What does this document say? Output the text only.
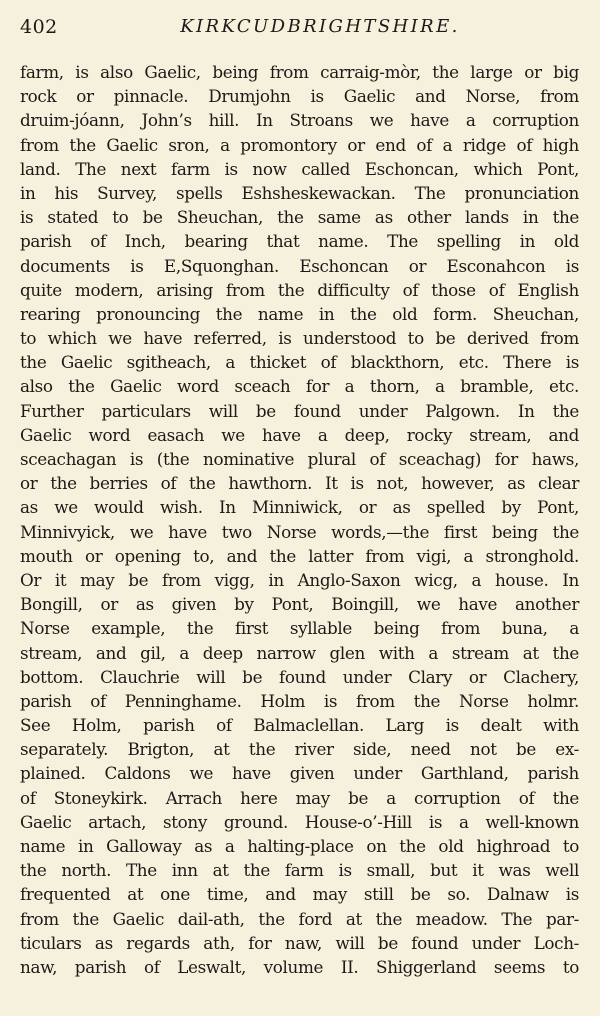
402	KIRKCUDBRIGHTSHIRE.
farm, is also Gaelic, being from carraig-mòr, the large or big
rock or pinnacle. Drumjohn is Gaelic and Norse, from
druim-jóann, John’s hill. In Stroans we have a corruption
from the Gaelic sron, a promontory or end of a ridge of high
land. The next farm is now called Eschoncan, which Pont,
in his Survey, spells Eshsheskewackan. The pronunciation
is stated to be Sheuchan, the same as other lands in the
parish of Inch, bearing that name. The spelling in old
documents is E,Squonghan. Eschoncan or Esconahcon is
quite modern, arising from the difficulty of those of English
rearing pronouncing the name in the old form. Sheuchan,
to which we have referred, is understood to be derived from
the Gaelic sgitheach, a thicket of blackthorn, etc. There is
also the Gaelic word sceach for a thorn, a bramble, etc.
Further particulars will be found under Palgown. In the
Gaelic word easach we have a deep, rocky stream, and
sceachagan is (the nominative plural of sceachag) for haws,
or the berries of the hawthorn. It is not, however, as clear
as we would wish. In Minniwick, or as spelled by Pont,
Minnivyick, we have two Norse words,—the first being the
mouth or opening to, and the latter from vigi, a stronghold.
Or it may be from vigg, in Anglo-Saxon wicg, a house. In
Bongill, or as given by Pont, Boingill, we have another
Norse example, the first syllable being from buna, a
stream, and gil, a deep narrow glen with a stream at the
bottom. Clauchrie will be found under Clary or Clachery,
parish of Penninghame. Holm is from the Norse holmr.
See Holm, parish of Balmaclellan. Larg is dealt with
separately. Brigton, at the river side, need not be ex-
plained. Caldons we have given under Garthland, parish
of Stoneykirk. Arrach here may be a corruption of the
Gaelic artach, stony ground. House-o’-Hill is a well-known
name in Galloway as a halting-place on the old highroad to
the north. The inn at the farm is small, but it was well
frequented at one time, and may still be so. Dalnaw is
from the Gaelic dail-ath, the ford at the meadow. The par-
ticulars as regards ath, for naw, will be found under Loch-
naw, parish of Leswalt, volume II. Shiggerland seems to
